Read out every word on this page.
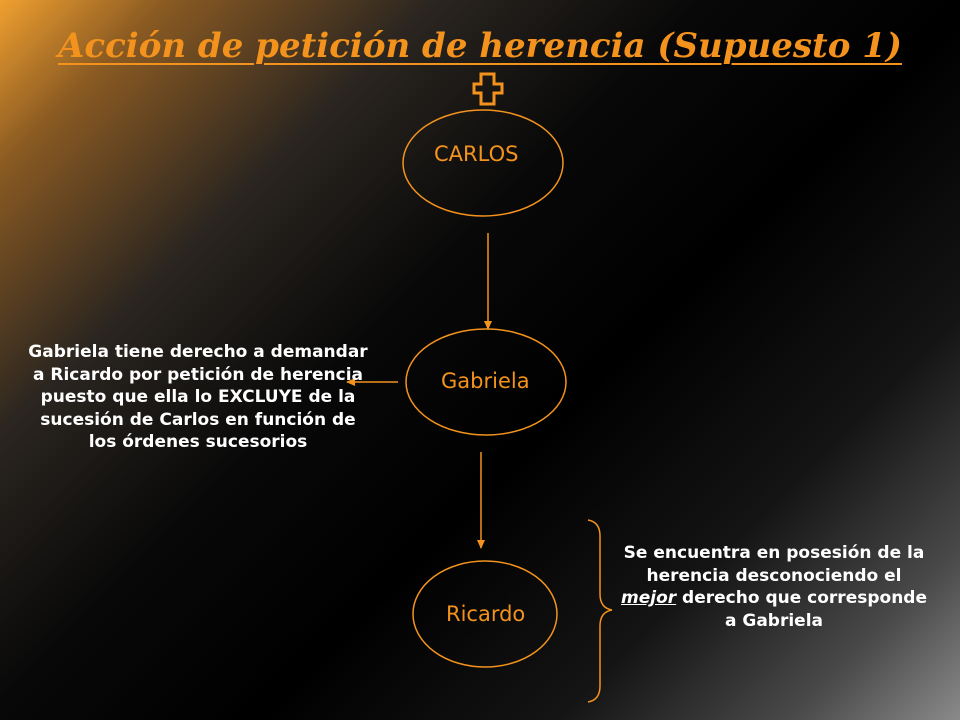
Acción de petición de herencia (Supuesto 1)
CARLOS
Gabriela
Ricardo
Gabriela tiene derecho a demandar a Ricardo por petición de herencia puesto que ella lo EXCLUYE de la sucesión de Carlos en función de los órdenes sucesorios
Se encuentra en posesión de la herencia desconociendo el mejor derecho que corresponde a Gabriela
